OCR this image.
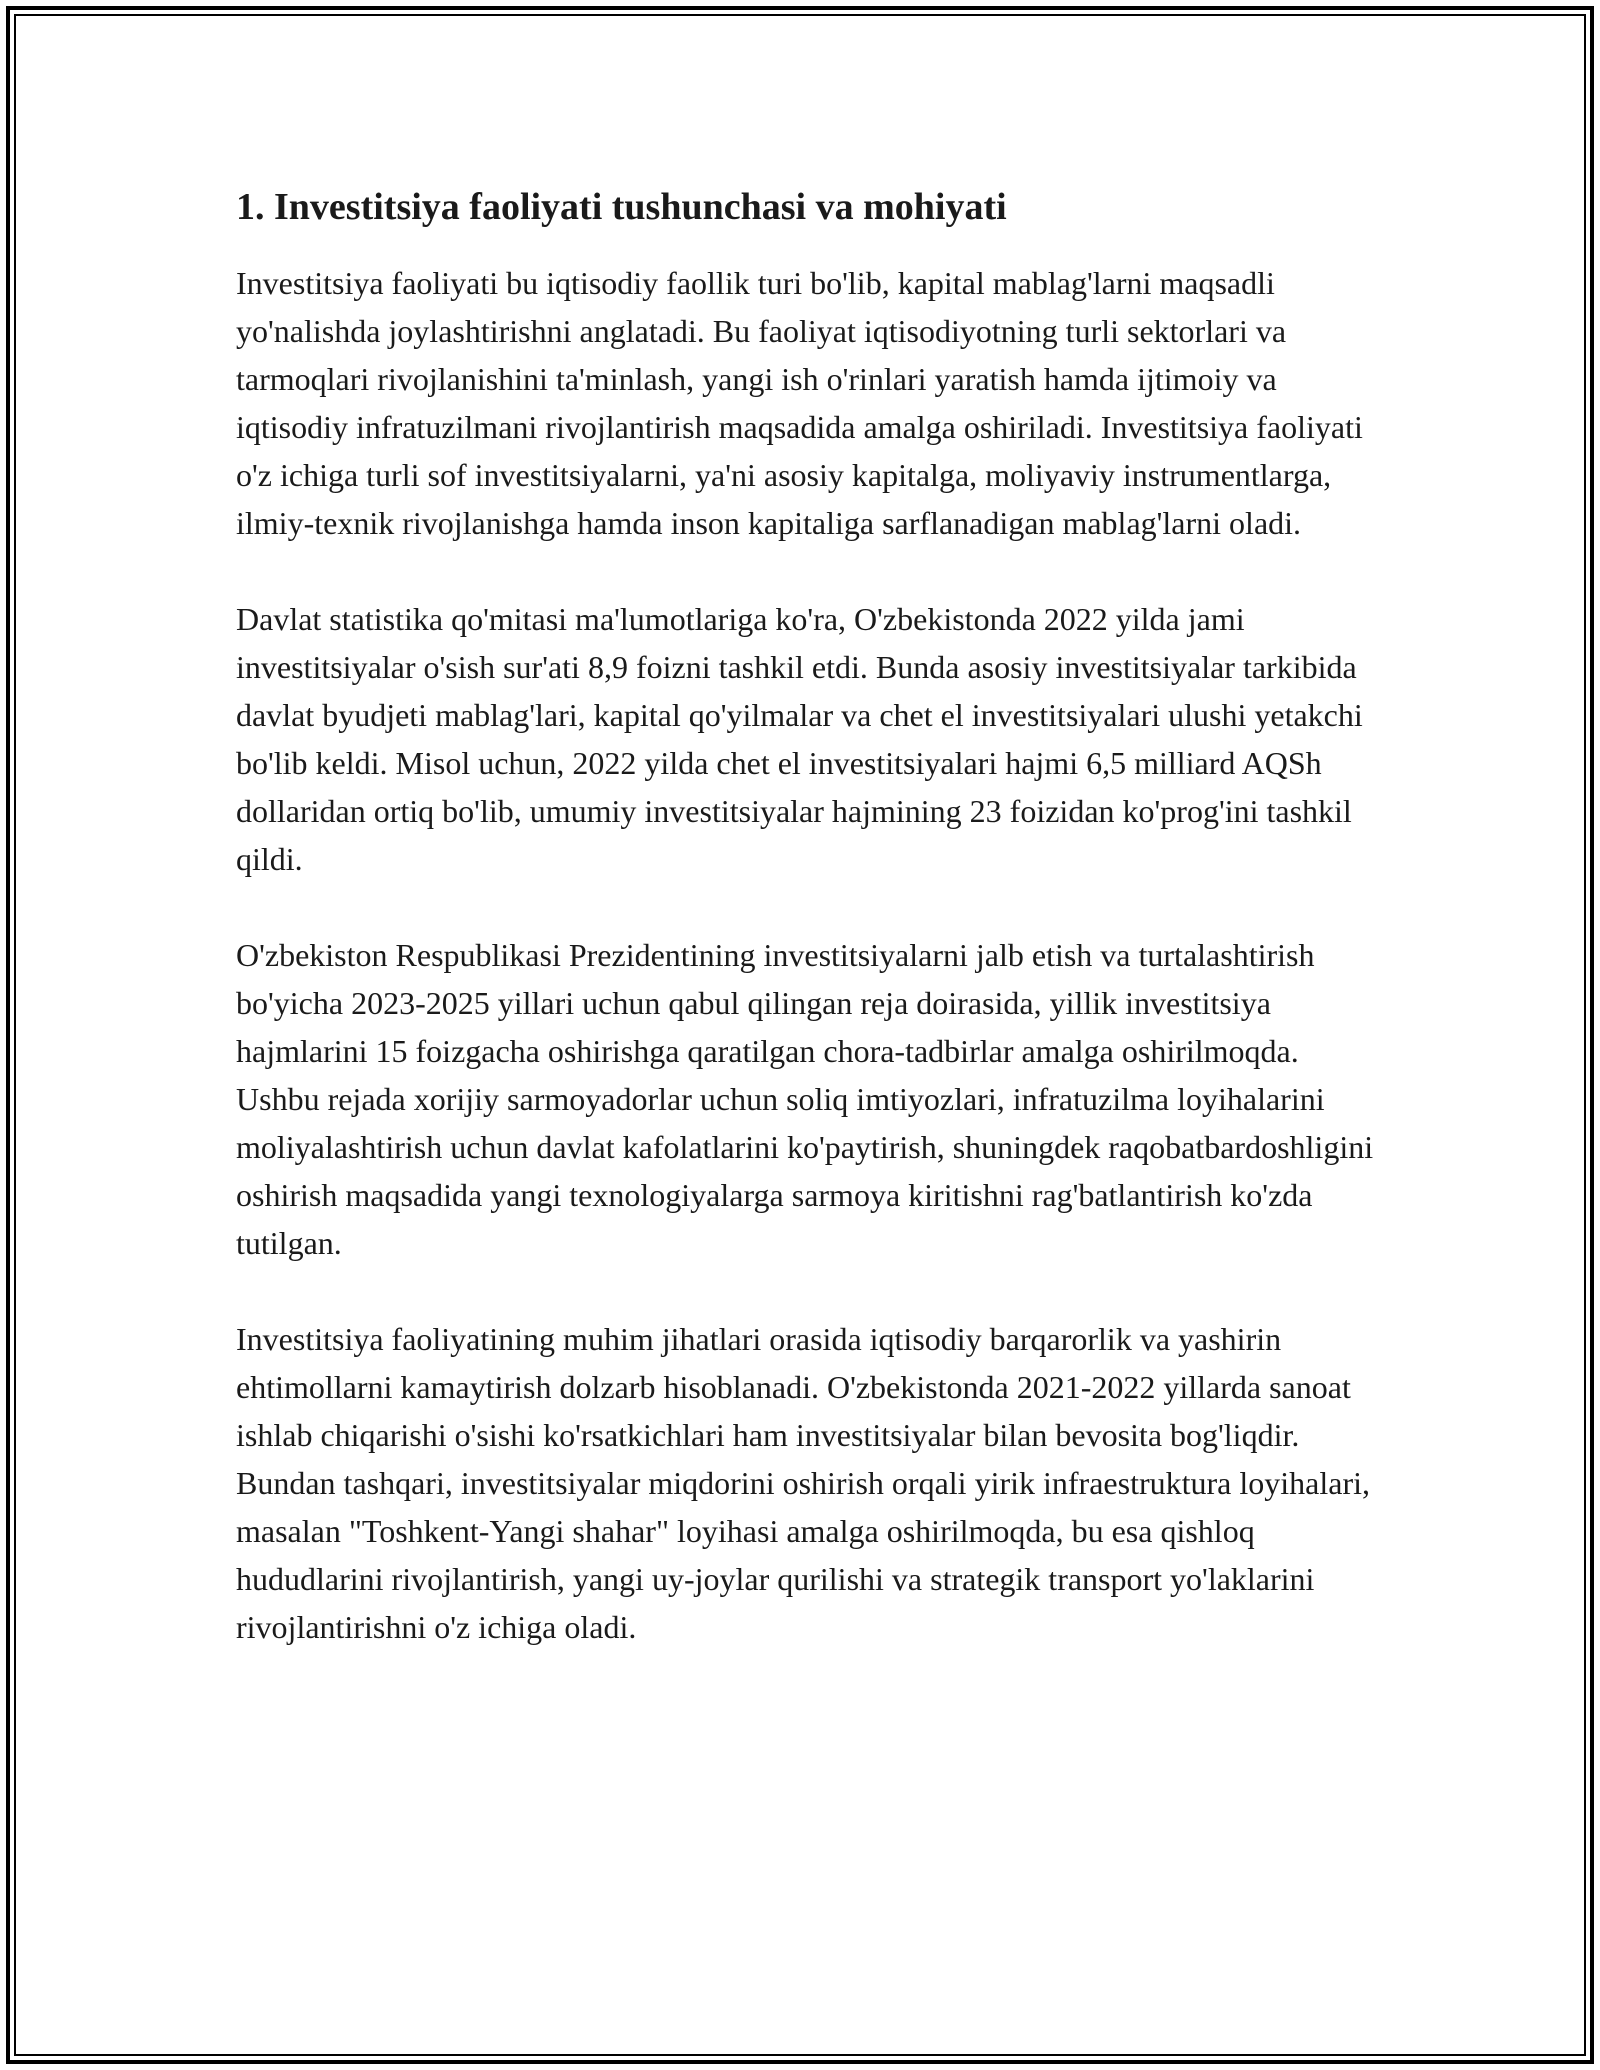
1. Investitsiya faoliyati tushunchasi va mohiyati

Investitsiya faoliyati bu iqtisodiy faollik turi bo'lib, kapital mablag'larni maqsadli yo'nalishda joylashtirishni anglatadi. Bu faoliyat iqtisodiyotning turli sektorlari va tarmoqlari rivojlanishini ta'minlash, yangi ish o'rinlari yaratish hamda ijtimoiy va iqtisodiy infratuzilmani rivojlantirish maqsadida amalga oshiriladi. Investitsiya faoliyati o'z ichiga turli sof investitsiyalarni, ya'ni asosiy kapitalga, moliyaviy instrumentlarga, ilmiy-texnik rivojlanishga hamda inson kapitaliga sarflanadigan mablag'larni oladi.

Davlat statistika qo'mitasi ma'lumotlariga ko'ra, O'zbekistonda 2022 yilda jami investitsiyalar o'sish sur'ati 8,9 foizni tashkil etdi. Bunda asosiy investitsiyalar tarkibida davlat byudjeti mablag'lari, kapital qo'yilmalar va chet el investitsiyalari ulushi yetakchi bo'lib keldi. Misol uchun, 2022 yilda chet el investitsiyalari hajmi 6,5 milliard AQSh dollaridan ortiq bo'lib, umumiy investitsiyalar hajmining 23 foizidan ko'prog'ini tashkil qildi.

O'zbekiston Respublikasi Prezidentining investitsiyalarni jalb etish va turtalashtirish bo'yicha 2023-2025 yillari uchun qabul qilingan reja doirasida, yillik investitsiya hajmlarini 15 foizgacha oshirishga qaratilgan chora-tadbirlar amalga oshirilmoqda. Ushbu rejada xorijiy sarmoyadorlar uchun soliq imtiyozlari, infratuzilma loyihalarini moliyalashtirish uchun davlat kafolatlarini ko'paytirish, shuningdek raqobatbardoshligini oshirish maqsadida yangi texnologiyalarga sarmoya kiritishni rag'batlantirish ko'zda tutilgan.

Investitsiya faoliyatining muhim jihatlari orasida iqtisodiy barqarorlik va yashirin ehtimollarni kamaytirish dolzarb hisoblanadi. O'zbekistonda 2021-2022 yillarda sanoat ishlab chiqarishi o'sishi ko'rsatkichlari ham investitsiyalar bilan bevosita bog'liqdir. Bundan tashqari, investitsiyalar miqdorini oshirish orqali yirik infraestruktura loyihalari, masalan "Toshkent-Yangi shahar" loyihasi amalga oshirilmoqda, bu esa qishloq hududlarini rivojlantirish, yangi uy-joylar qurilishi va strategik transport yo'laklarini rivojlantirishni o'z ichiga oladi.
